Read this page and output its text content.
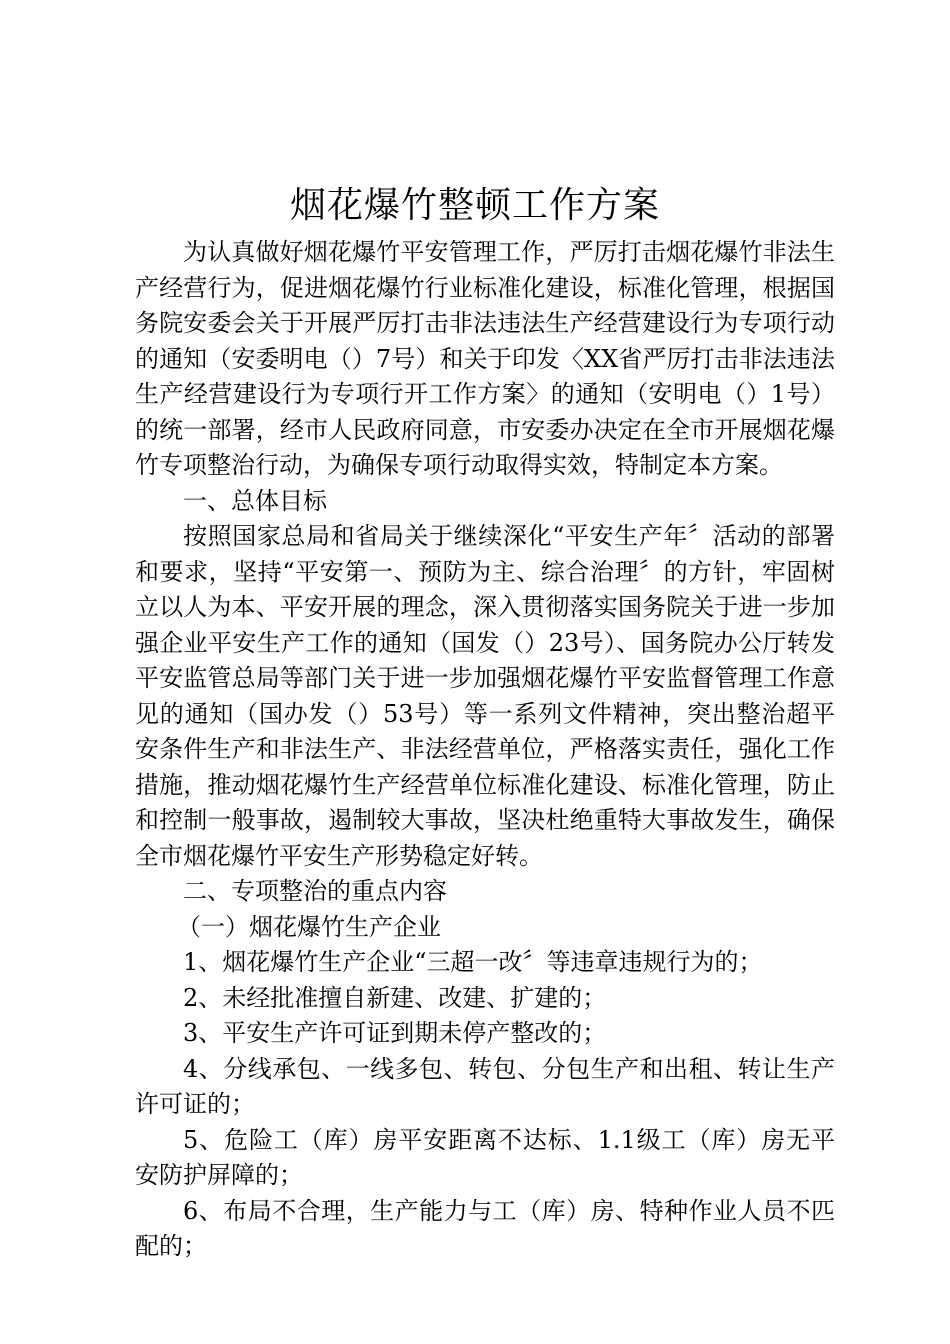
烟花爆竹整顿工作方案

为认真做好烟花爆竹平安管理工作，严厉打击烟花爆竹非法生产经营行为，促进烟花爆竹行业标准化建设，标准化管理，根据国务院安委会关于开展严厉打击非法违法生产经营建设行为专项行动的通知（安委明电（）7号）和关于印发〈XX省严厉打击非法违法生产经营建设行为专项行开工作方案〉的通知（安明电（）1号）的统一部署，经市人民政府同意，市安委办决定在全市开展烟花爆竹专项整治行动，为确保专项行动取得实效，特制定本方案。

一、总体目标

按照国家总局和省局关于继续深化“平安生产年〞活动的部署和要求，坚持“平安第一、预防为主、综合治理〞的方针，牢固树立以人为本、平安开展的理念，深入贯彻落实国务院关于进一步加强企业平安生产工作的通知（国发（）23号）、国务院办公厅转发平安监管总局等部门关于进一步加强烟花爆竹平安监督管理工作意见的通知（国办发（）53号）等一系列文件精神，突出整治超平安条件生产和非法生产、非法经营单位，严格落实责任，强化工作措施，推动烟花爆竹生产经营单位标准化建设、标准化管理，防止和控制一般事故，遏制较大事故，坚决杜绝重特大事故发生，确保全市烟花爆竹平安生产形势稳定好转。

二、专项整治的重点内容

（一）烟花爆竹生产企业

1、烟花爆竹生产企业“三超一改〞等违章违规行为的；

2、未经批准擅自新建、改建、扩建的；

3、平安生产许可证到期未停产整改的；

4、分线承包、一线多包、转包、分包生产和出租、转让生产许可证的；

5、危险工（库）房平安距离不达标、1.1级工（库）房无平安防护屏障的；

6、布局不合理，生产能力与工（库）房、特种作业人员不匹配的；
